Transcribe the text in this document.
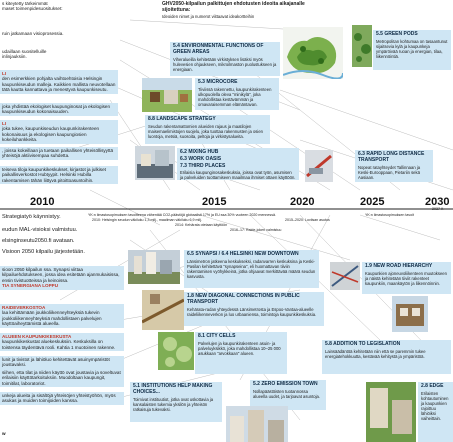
s kiteytetty tärkeimmät
maset toimenpidesuositukset:
ruin jatkamaan visioprosessia.
udaillaan suositelluille
inlinjauksiin.
LI
den esimerkkien pohjalta vaihtoehtoisia Helsingin kaupunkiseudun malleja. Kaikkien mallista neuvotellaan tätä kautta kannattava ja menestyvä kaupunkiseutu.
joka yhdistää ekologiset kaupunginosat ja ekologisen kaupunkiseudun kokonaisuuden.
LI
joka tukee, kaupunkiseudun kaupunkirakenteen kokonaisuus ja ekologisen kaupungiosien kokeiluhankkeita.
, joissa kokeillaan ja tuetaan paikallisen yhteisöllisyyttä yhteisöjä aktiivisempaa suhdetta.
teiseva tiloja kaupunkikeskukset, kirjastot ja julkiset paikallisverkostot Hubtyypit. Helsinki Hubilla rakentamisen tähän liittyvä pitoittoasuntoihin.
GHV2050-kilpailun palkittujen ehdotusten ideoita aikajanalle sijoitettuna:
Ideoiden nimet ja numerot viittaavat ideakortteihin
5.4 ENVIRONMENTAL FUNCTIONS OF GREEN AREAS
Viheralueilla kehitetään virkistyksen lisäksi myös hulevesien ohjaukseen, mikroilmaston puolustukseen ja energiaan.
5.3 MICROCORE
Tiiviissä rakennettu, kaupunkirakenteen ulkopuolella oleva "minikylä", joka mahdollistaa kestävämmän ja omavaraisemman elämäntavan.
8.8 LANDSCAPE STRATEGY
Seudun rakentamattomien alueiden rajaus ja maatilojen maisemaelimistojen suojelu, joka tuottaa rakennusten ja osien luontoja, metsiä, suosoita, peltoja ja virkistysalueita.
6.2 MIXING HUB
6.3 WORK OASIS
7.3 THIRD PLACES
Erilaisia kaupunginosakeskuksia, joissa ovat työn, asumisen ja palveluiden tuottamiseen maailmaa ihmiset ottaen käyttöön.
5.5 GREEN PODS
Metropolitan kohtumaa on tasaantunut sijaitsevia kylä ja kaupunkeja ympäröivää ruoan ja energian, tilaa, liikennöintiä.
6.3 RAPID LONG DISTANCE TRANSPORT
Nopeat ratayhteydet Tallinnaan ja Keski-Eurooppaan, Pietariin sekä Aasiaan.
2010	2015	2020	2025	2030
YK:n ilmastosopimuksen tavoitteena vähentää CO2-päästöjä globaalisti 17% ja EU:ssa 30% vuoteen 2020 mennessä.
2010: Helsingin seudun väkiluku 1,3 milj., maailman väkiluku 6,9 milj.	2015–2020: Loviisan asutus
2014: Kehärata otetaan käyttöön
2016–17: Raide-jokeri valmistuu
YK:n ilmastosopimuksen tavoit
2037 K
Strategiatyö käynnistyy.
eudun MAL-visioksi valmistuu.
elsinginseutu2050.fi avataan.
Visioon 2050 kilpailu järjestetään.
sioon 2050 kilpailun ssa. Synapsi viittaa kilpailuehdotukseen, jossa idea esitetään ajanmukaisissa, ensin tivistuotteissa ja keinoissa.
TIA SYNERGIANA LOPPU
RAIDEVERKOSTOA
laa kehittämään joukkoliikenneyhteyksiä tukevin joukkoliikenneyhteyksiä mahdollistaen palvelujen käyttöaiheyttämistä alueella.
ALUEEN KAUPUNKIKESKUSTA
kaupunkikeskustat aluekeskuksiin. Keskuksilla on toistensa täydentävä rooli. Kahtia 1 muotoinen rakenne.
lunit ja tivistot ja lähiöluo kehitettävät asuinympäristöt joustavaksi.
siihen, etta tilat ja niiden käyttö ovat joustavia ja soveltuvat erilaisiin käyttötarkoituksiin. Muodoltaan kaupungit, toimitilat, laboratoriot.
unkeja alueita ja sisältöjä yhteisöjen yhteistyöhön, myös asukas ja muiden toimijoiden kanssa.
w
6.5 SYNAPSI / 6.4 HELSINKI NEW DOWNTOWN
Länsimetron jatkeena keskukseksi, radanvarren keskuksina ja Keski-Pasilan kehitettävä "synapseina", eli huomattavan tiiviin rakentamisen vyöhykkeinä, jotka ohjaavat merkittävää määrä seudun kasvusta.
1.8 NEW DIAGONAL CONNECTIONS IN PUBLIC TRANSPORT
Kehärata-radan yhteydessä Länsimetrosta ja Espoo-Vantaa-alueelle raideliikenneverkon ja luo urbaaniensa, toimintoja kaupunkikeskuksia.
8.1 CITY CELLS
Palvelujen ja kaupunkirakenteen asuin- ja palveluyksikkö, joka mahdollistaa 10–25 000 asukkaan "arvokkaan" alueen.
1.9 NEW ROAD HIERARCHY
Kaupunkien ajoneuvoliikenteen muutokseen ja näistä kehitetään tiiviit rakenteet kaupunkiin, maankäytön ja liikennöinnin.
5.8 ADDITION TO LEGISLATION
Lainsäädäntöä kehitetään niin että se paremmin tukee energiatehokkuutta, kestävää kehitystä ja ympäristöä.
5.1 INSTITUTIONS HELP MAKING CHOICES...
Toimivat instituutiot, jotka ovat uskottavia ja kansalaisten tukemia yksilön ja yhteisön ratkaisuja tukevaksi.
5.2 ZERO EMISSION TOWN
Nollapäästöisten tuotannossa alueella uudet, ja tarjoavat asuntoja.
2.8 EDGE
Erilaisten kohtautuminen ja kaupunkien rajoittuu lähiöiksi vaiheittain.
